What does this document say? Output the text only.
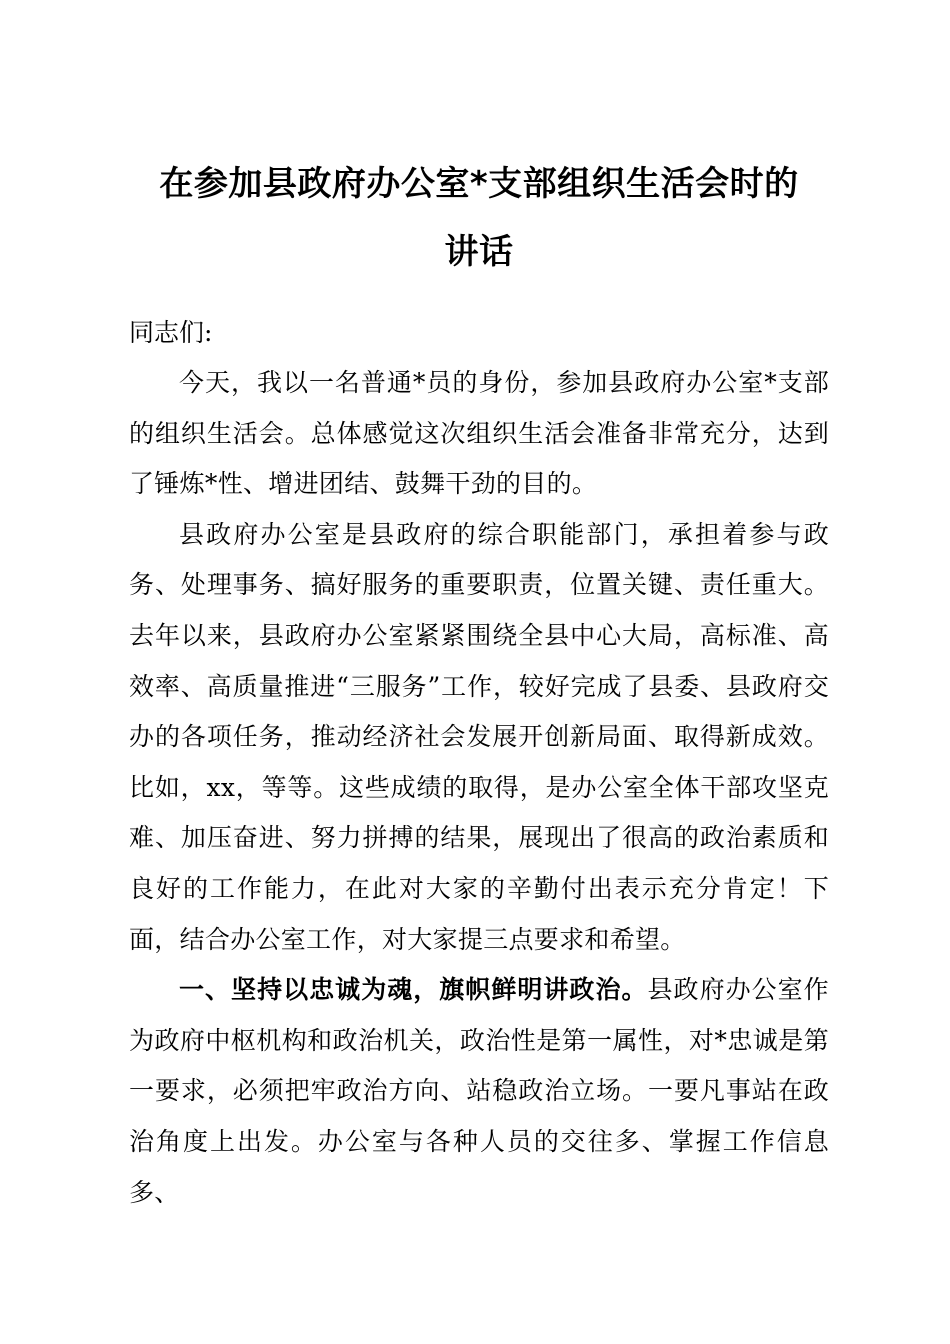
在参加县政府办公室*支部组织生活会时的
讲话
同志们:

今天，我以一名普通*员的身份，参加县政府办公室*支部的组织生活会。总体感觉这次组织生活会准备非常充分，达到了锤炼*性、增进团结、鼓舞干劲的目的。

县政府办公室是县政府的综合职能部门，承担着参与政务、处理事务、搞好服务的重要职责，位置关键、责任重大。去年以来，县政府办公室紧紧围绕全县中心大局，高标准、高效率、高质量推进“三服务”工作，较好完成了县委、县政府交办的各项任务，推动经济社会发展开创新局面、取得新成效。比如，xx，等等。这些成绩的取得，是办公室全体干部攻坚克难、加压奋进、努力拼搏的结果，展现出了很高的政治素质和良好的工作能力，在此对大家的辛勤付出表示充分肯定！下面，结合办公室工作，对大家提三点要求和希望。

一、坚持以忠诚为魂，旗帜鲜明讲政治。县政府办公室作为政府中枢机构和政治机关，政治性是第一属性，对*忠诚是第一要求，必须把牢政治方向、站稳政治立场。一要凡事站在政治角度上出发。办公室与各种人员的交往多、掌握工作信息多、
